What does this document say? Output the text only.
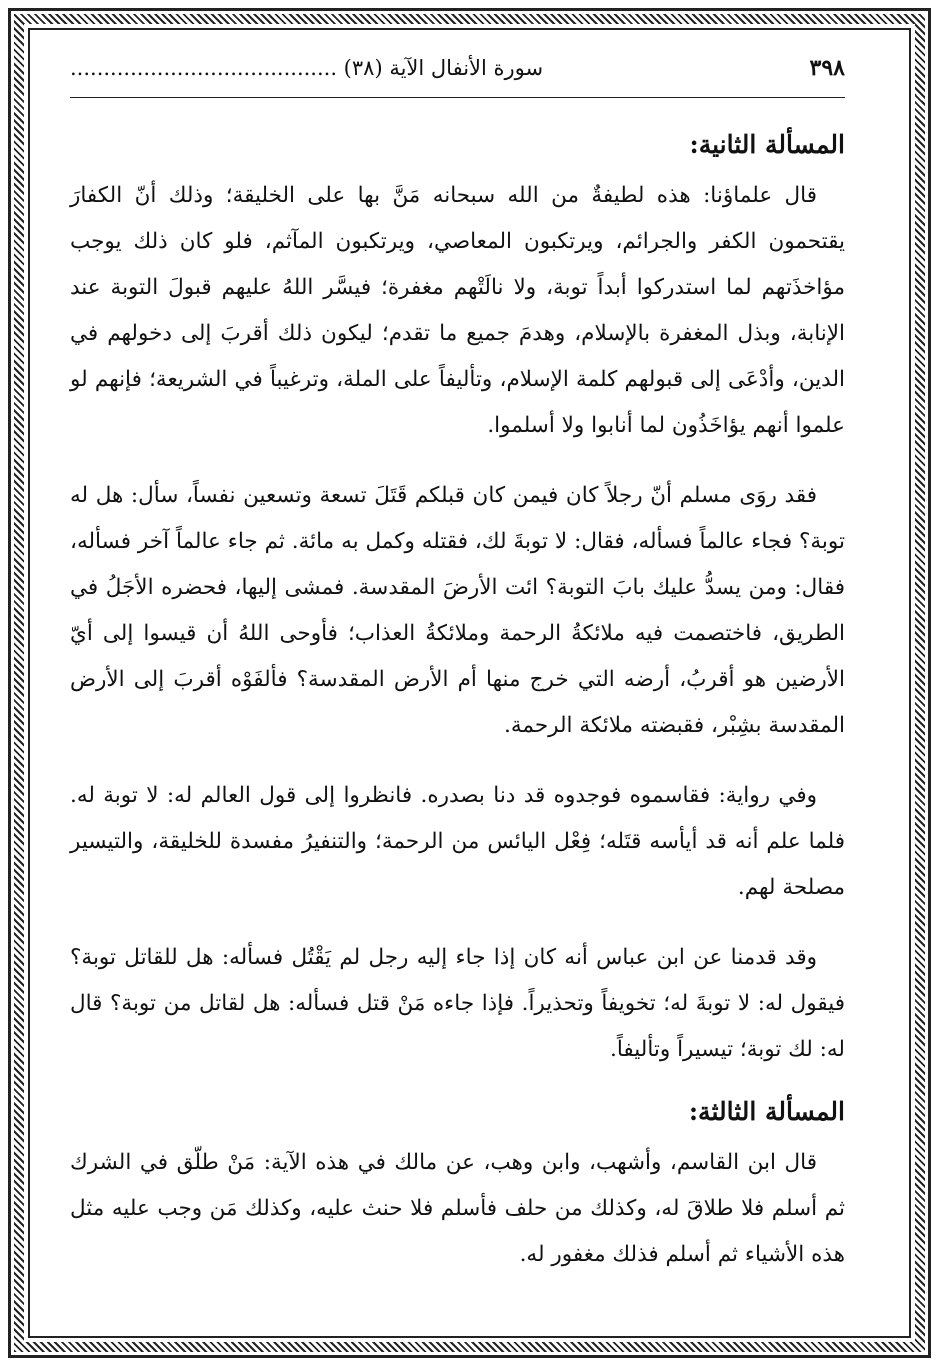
٣٩٨
سورة الأنفال الآية (٣٨) ........................................
المسألة الثانية:

قال علماؤنا: هذه لطيفةٌ من الله سبحانه مَنَّ بها على الخليقة؛ وذلك أنّ الكفارَ يقتحمون الكفر والجرائم، ويرتكبون المعاصي، ويرتكبون المآثم، فلو كان ذلك يوجب مؤاخذَتهم لما استدركوا أبداً توبة، ولا نالَتْهم مغفرة؛ فيسَّر اللهُ عليهم قبولَ التوبة عند الإنابة، وبذل المغفرة بالإسلام، وهدمَ جميع ما تقدم؛ ليكون ذلك أقربَ إلى دخولهم في الدين، وأدْعَى إلى قبولهم كلمة الإسلام، وتأليفاً على الملة، وترغيباً في الشريعة؛ فإنهم لو علموا أنهم يؤاخَذُون لما أنابوا ولا أسلموا.

فقد روَى مسلم أنّ رجلاً كان فيمن كان قبلكم قَتَلَ تسعة وتسعين نفساً، سأل: هل له توبة؟ فجاء عالماً فسأله، فقال: لا توبةَ لك، فقتله وكمل به مائة. ثم جاء عالماً آخر فسأله، فقال: ومن يسدُّ عليك بابَ التوبة؟ ائت الأرضَ المقدسة. فمشى إليها، فحضره الأجَلُ في الطريق، فاختصمت فيه ملائكةُ الرحمة وملائكةُ العذاب؛ فأوحى اللهُ أن قيسوا إلى أيّ الأرضين هو أقربُ، أرضه التي خرج منها أم الأرض المقدسة؟ فألفَوْه أقربَ إلى الأرض المقدسة بشِبْر، فقبضته ملائكة الرحمة.

وفي رواية: فقاسموه فوجدوه قد دنا بصدره. فانظروا إلى قول العالم له: لا توبة له. فلما علم أنه قد أيأسه قتَله؛ فِعْل اليائس من الرحمة؛ والتنفيرُ مفسدة للخليقة، والتيسير مصلحة لهم.

وقد قدمنا عن ابن عباس أنه كان إذا جاء إليه رجل لم يَقْتُل فسأله: هل للقاتل توبة؟ فيقول له: لا توبةَ له؛ تخويفاً وتحذيراً. فإذا جاءه مَنْ قتل فسأله: هل لقاتل من توبة؟ قال له: لك توبة؛ تيسيراً وتأليفاً.

المسألة الثالثة:

قال ابن القاسم، وأشهب، وابن وهب، عن مالك في هذه الآية: مَنْ طلّق في الشرك ثم أسلم فلا طلاقَ له، وكذلك من حلف فأسلم فلا حنث عليه، وكذلك مَن وجب عليه مثل هذه الأشياء ثم أسلم فذلك مغفور له.
